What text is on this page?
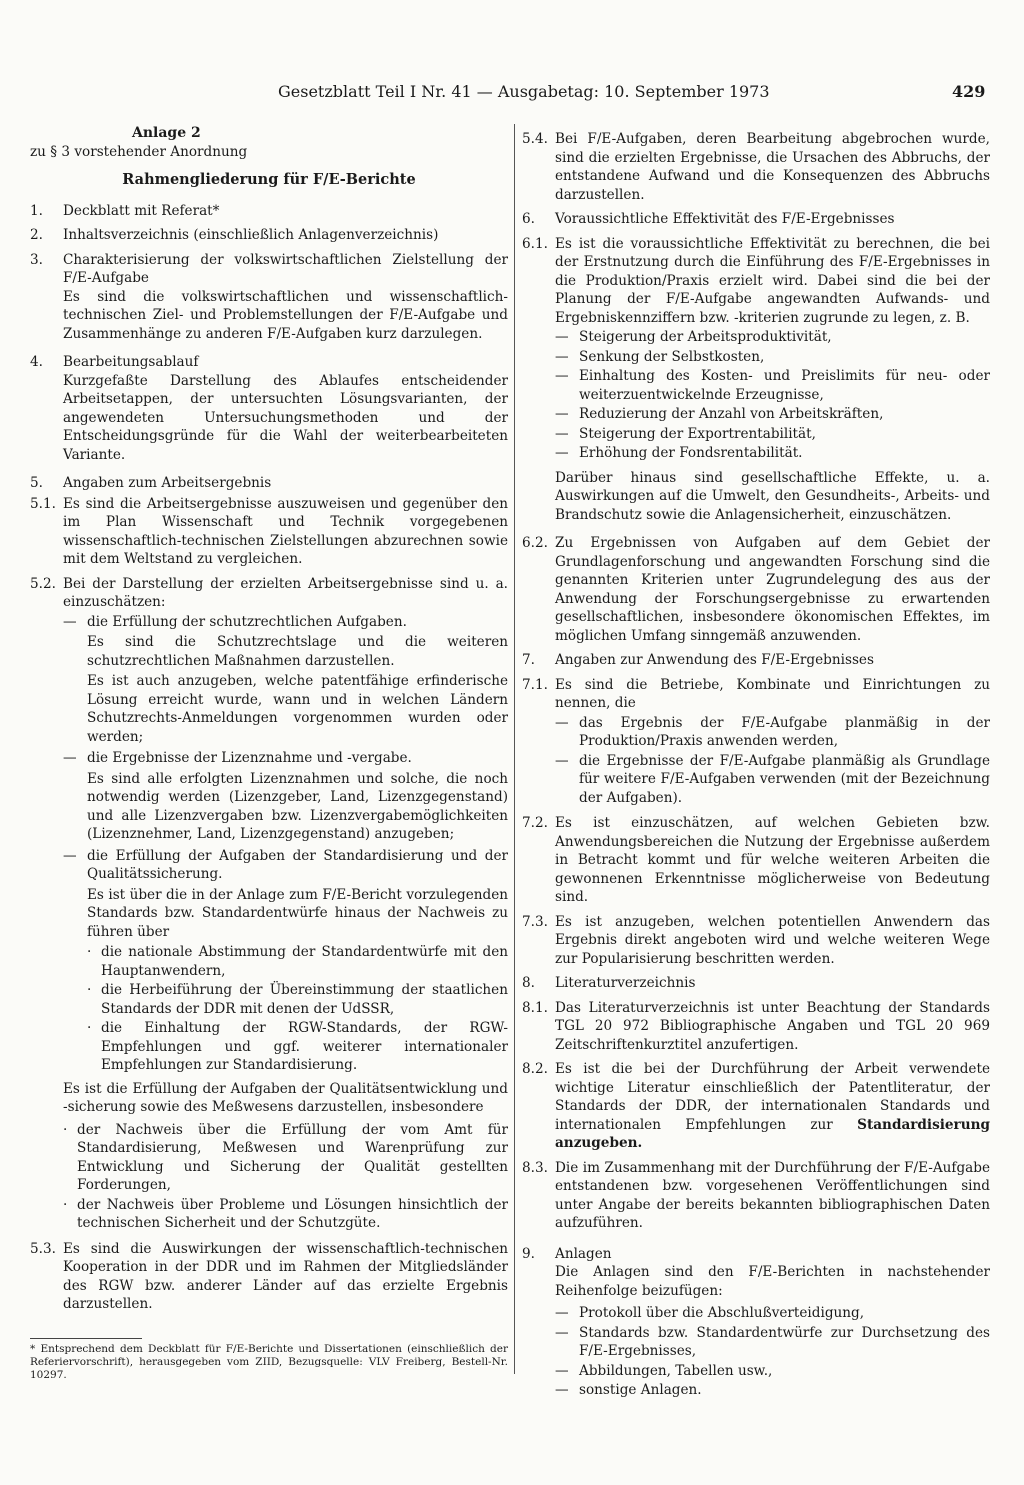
Gesetzblatt Teil I Nr. 41 — Ausgabetag: 10. September 1973	429
Anlage 2
zu § 3 vorstehender Anordnung
Rahmengliederung für F/E-Berichte
1.	Deckblatt mit Referat*

2.	Inhaltsverzeichnis (einschließlich Anlagenverzeichnis)

3.	Charakterisierung der volkswirtschaftlichen Zielstellung der F/E-Aufgabe

Es sind die volkswirtschaftlichen und wissenschaftlich-technischen Ziel- und Problemstellungen der F/E-Aufgabe und Zusammenhänge zu anderen F/E-Aufgaben kurz darzulegen.

4.	Bearbeitungsablauf

Kurzgefaßte Darstellung des Ablaufes entscheidender Arbeitsetappen, der untersuchten Lösungsvarianten, der angewendeten Untersuchungsmethoden und der Entscheidungsgründe für die Wahl der weiterbearbeiteten Variante.

5.	Angaben zum Arbeitsergebnis

5.1. Es sind die Arbeitsergebnisse auszuweisen und gegenüber den im Plan Wissenschaft und Technik vorgegebenen wissenschaftlich-technischen Zielstellungen abzurechnen sowie mit dem Weltstand zu vergleichen.

5.2. Bei der Darstellung der erzielten Arbeitsergebnisse sind u. a. einzuschätzen:

— die Erfüllung der schutzrechtlichen Aufgaben.

Es sind die Schutzrechtslage und die weiteren schutzrechtlichen Maßnahmen darzustellen.

Es ist auch anzugeben, welche patentfähige erfinderische Lösung erreicht wurde, wann und in welchen Ländern Schutzrechts-Anmeldungen vorgenommen wurden oder werden;

— die Ergebnisse der Lizenznahme und -vergabe.

Es sind alle erfolgten Lizenznahmen und solche, die noch notwendig werden (Lizenzgeber, Land, Lizenzgegenstand) und alle Lizenzvergaben bzw. Lizenzvergabemöglichkeiten (Lizenznehmer, Land, Lizenzgegenstand) anzugeben;

— die Erfüllung der Aufgaben der Standardisierung und der Qualitätssicherung.

Es ist über die in der Anlage zum F/E-Bericht vorzulegenden Standards bzw. Standardentwürfe hinaus der Nachweis zu führen über

· die nationale Abstimmung der Standardentwürfe mit den Hauptanwendern,
· die Herbeiführung der Übereinstimmung der staatlichen Standards der DDR mit denen der UdSSR,
· die Einhaltung der RGW-Standards, der RGW-Empfehlungen und ggf. weiterer internationaler Empfehlungen zur Standardisierung.

Es ist die Erfüllung der Aufgaben der Qualitätsentwicklung und -sicherung sowie des Meßwesens darzustellen, insbesondere

· der Nachweis über die Erfüllung der vom Amt für Standardisierung, Meßwesen und Warenprüfung zur Entwicklung und Sicherung der Qualität gestellten Forderungen,
· der Nachweis über Probleme und Lösungen hinsichtlich der technischen Sicherheit und der Schutzgüte.
5.3. Es sind die Auswirkungen der wissenschaftlich-technischen Kooperation in der DDR und im Rahmen der Mitgliedsländer des RGW bzw. anderer Länder auf das erzielte Ergebnis darzustellen.

* Entsprechend dem Deckblatt für F/E-Berichte und Dissertationen (einschließlich der Referiervorschrift), herausgegeben vom ZIID, Bezugsquelle: VLV Freiberg, Bestell-Nr. 10297.
5.4. Bei F/E-Aufgaben, deren Bearbeitung abgebrochen wurde, sind die erzielten Ergebnisse, die Ursachen des Abbruchs, der entstandene Aufwand und die Konsequenzen des Abbruchs darzustellen.

6.	Voraussichtliche Effektivität des F/E-Ergebnisses

6.1. Es ist die voraussichtliche Effektivität zu berechnen, die bei der Erstnutzung durch die Einführung des F/E-Ergebnisses in die Produktion/Praxis erzielt wird. Dabei sind die bei der Planung der F/E-Aufgabe angewandten Aufwands- und Ergebniskennziffern bzw. -kriterien zugrunde zu legen, z. B.

— Steigerung der Arbeitsproduktivität,
— Senkung der Selbstkosten,
— Einhaltung des Kosten- und Preislimits für neu- oder weiterzuentwickelnde Erzeugnisse,
— Reduzierung der Anzahl von Arbeitskräften,
— Steigerung der Exportrentabilität,
— Erhöhung der Fondsrentabilität.

Darüber hinaus sind gesellschaftliche Effekte, u. a. Auswirkungen auf die Umwelt, den Gesundheits-, Arbeits- und Brandschutz sowie die Anlagensicherheit, einzuschätzen.

6.2. Zu Ergebnissen von Aufgaben auf dem Gebiet der Grundlagenforschung und angewandten Forschung sind die genannten Kriterien unter Zugrundelegung des aus der Anwendung der Forschungsergebnisse zu erwartenden gesellschaftlichen, insbesondere ökonomischen Effektes, im möglichen Umfang sinngemäß anzuwenden.

7.	Angaben zur Anwendung des F/E-Ergebnisses

7.1. Es sind die Betriebe, Kombinate und Einrichtungen zu nennen, die

— das Ergebnis der F/E-Aufgabe planmäßig in der Produktion/Praxis anwenden werden,
— die Ergebnisse der F/E-Aufgabe planmäßig als Grundlage für weitere F/E-Aufgaben verwenden (mit der Bezeichnung der Aufgaben).
7.2. Es ist einzuschätzen, auf welchen Gebieten bzw. Anwendungsbereichen die Nutzung der Ergebnisse außerdem in Betracht kommt und für welche weiteren Arbeiten die gewonnenen Erkenntnisse möglicherweise von Bedeutung sind.

7.3. Es ist anzugeben, welchen potentiellen Anwendern das Ergebnis direkt angeboten wird und welche weiteren Wege zur Popularisierung beschritten werden.

8.	Literaturverzeichnis

8.1. Das Literaturverzeichnis ist unter Beachtung der Standards TGL 20 972 Bibliographische Angaben und TGL 20 969 Zeitschriftenkurztitel anzufertigen.

8.2. Es ist die bei der Durchführung der Arbeit verwendete wichtige Literatur einschließlich der Patentliteratur, der Standards der DDR, der internationalen Standards und internationalen Empfehlungen zur Standardisierung anzugeben.

8.3. Die im Zusammenhang mit der Durchführung der F/E-Aufgabe entstandenen bzw. vorgesehenen Veröffentlichungen sind unter Angabe der bereits bekannten bibliographischen Daten aufzuführen.

9.	Anlagen

Die Anlagen sind den F/E-Berichten in nachstehender Reihenfolge beizufügen:

— Protokoll über die Abschlußverteidigung,
— Standards bzw. Standardentwürfe zur Durchsetzung des F/E-Ergebnisses,
— Abbildungen, Tabellen usw.,
— sonstige Anlagen.
